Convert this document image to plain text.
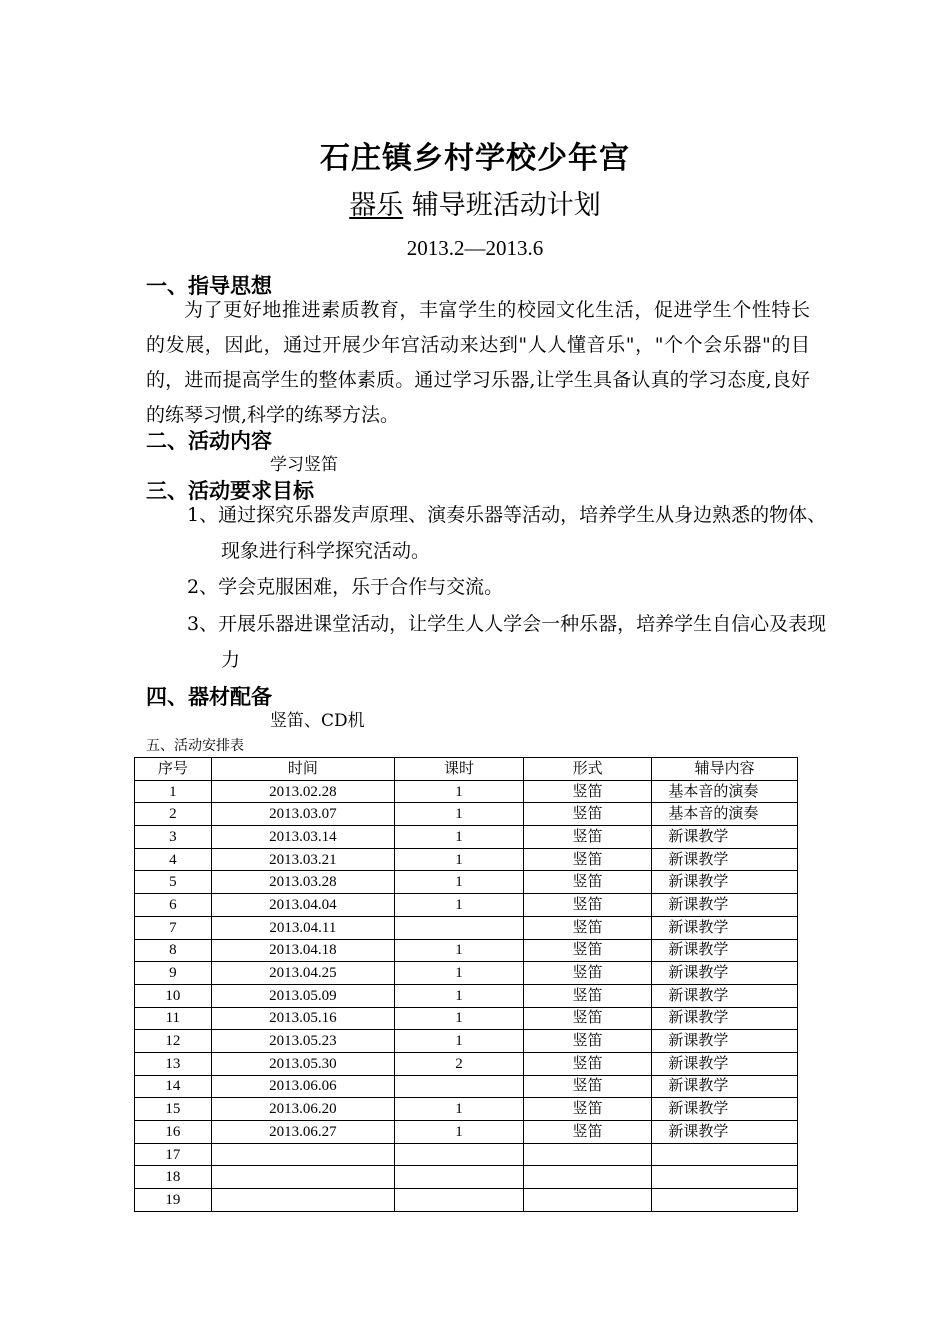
石庄镇乡村学校少年宫
器乐 辅导班活动计划
2013.2—2013.6
一、指导思想
为了更好地推进素质教育，丰富学生的校园文化生活，促进学生个性特长的发展，因此，通过开展少年宫活动来达到"人人懂音乐"，"个个会乐器"的目的，进而提高学生的整体素质。通过学习乐器,让学生具备认真的学习态度,良好的练琴习惯,科学的练琴方法。
二、活动内容
学习竖笛
三、活动要求目标
1、通过探究乐器发声原理、演奏乐器等活动，培养学生从身边熟悉的物体、现象进行科学探究活动。
2、学会克服困难，乐于合作与交流。
3、开展乐器进课堂活动，让学生人人学会一种乐器，培养学生自信心及表现力
四、器材配备
竖笛、CD机
五、活动安排表
序号	时间	课时	形式	辅导内容
1	2013.02.28	1	竖笛	基本音的演奏
2	2013.03.07	1	竖笛	基本音的演奏
3	2013.03.14	1	竖笛	新课教学
4	2013.03.21	1	竖笛	新课教学
5	2013.03.28	1	竖笛	新课教学
6	2013.04.04	1	竖笛	新课教学
7	2013.04.11		竖笛	新课教学
8	2013.04.18	1	竖笛	新课教学
9	2013.04.25	1	竖笛	新课教学
10	2013.05.09	1	竖笛	新课教学
11	2013.05.16	1	竖笛	新课教学
12	2013.05.23	1	竖笛	新课教学
13	2013.05.30	2	竖笛	新课教学
14	2013.06.06		竖笛	新课教学
15	2013.06.20	1	竖笛	新课教学
16	2013.06.27	1	竖笛	新课教学
17				
18				
19				
